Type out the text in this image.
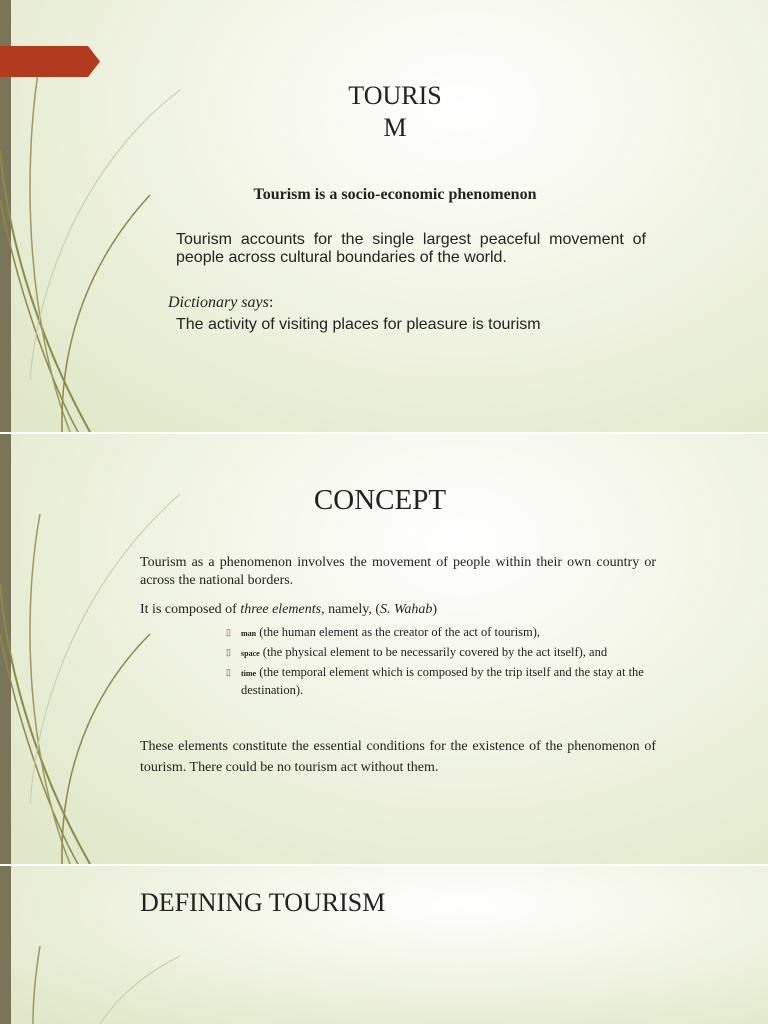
TOURIS
M

Tourism is a socio-economic phenomenon

Tourism accounts for the single largest peaceful movement of people across cultural boundaries of the world.

Dictionary says:

The activity of visiting places for pleasure is tourism

CONCEPT

Tourism as a phenomenon involves the movement of people within their own country or across the national borders.

It is composed of three elements, namely, (S. Wahab)

▯ man (the human element as the creator of the act of tourism),
▯ space (the physical element to be necessarily covered by the act itself), and
▯ time (the temporal element which is composed by the trip itself and the stay at the destination).

These elements constitute the essential conditions for the existence of the phenomenon of tourism. There could be no tourism act without them.

DEFINING TOURISM
